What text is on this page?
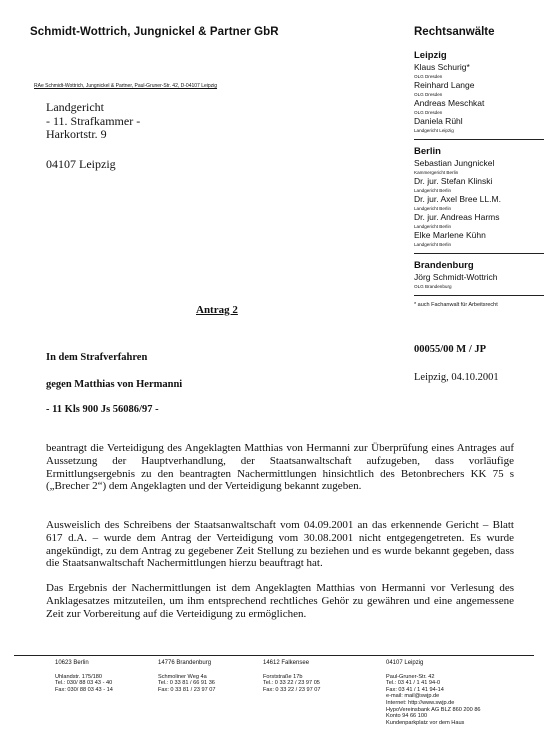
Schmidt-Wottrich, Jungnickel & Partner GbR	Rechtsanwälte
RAe Schmidt-Wottrich, Jungnickel & Partner, Paul-Gruner-Str. 42, D-04107 Leipzig
Landgericht
- 11. Strafkammer -
Harkortstr. 9
04107 Leipzig
Leipzig
Klaus Schurig*
OLG Dresden
Reinhard Lange
OLG Dresden
Andreas Meschkat
OLG Dresden
Daniela Rühl
Landgericht Leipzig
Berlin
Sebastian Jungnickel
Kammergericht Berlin
Dr. jur. Stefan Klinski
Landgericht Berlin
Dr. jur. Axel Bree LL.M.
Landgericht Berlin
Dr. jur. Andreas Harms
Landgericht Berlin
Elke Marlene Kühn
Landgericht Berlin
Brandenburg
Jörg Schmidt-Wottrich
OLG Brandenburg
* auch Fachanwalt für Arbeitsrecht
Antrag 2
00055/00 M / JP
Leipzig, 04.10.2001
In dem Strafverfahren
gegen Matthias von Hermanni
- 11 Kls 900 Js 56086/97 -
beantragt die Verteidigung des Angeklagten Matthias von Hermanni zur Überprüfung eines Antrages auf Aussetzung der Hauptverhandlung, der Staatsanwaltschaft aufzugeben, dass vorläufige Ermittlungsergebnis zu den beantragten Nachermittlungen hinsichtlich des Betonbrechers KK 75 s („Brecher 2“) dem Angeklagten und der Verteidigung bekannt zugeben.
Ausweislich des Schreibens der Staatsanwaltschaft vom 04.09.2001 an das erkennende Gericht – Blatt 617 d.A. – wurde dem Antrag der Verteidigung vom 30.08.2001 nicht entgegengetreten. Es wurde angekündigt, zu dem Antrag zu gegebener Zeit Stellung zu beziehen und es wurde bekannt gegeben, dass die Staatsanwaltschaft Nachermittlungen hierzu beauftragt hat.
Das Ergebnis der Nachermittlungen ist dem Angeklagten Matthias von Hermanni vor Verlesung des Anklagesatzes mitzuteilen, um ihm entsprechend rechtliches Gehör zu gewähren und eine angemessene Zeit zur Vorbereitung auf die Verteidigung zu ermöglichen.
10623 Berlin
Uhlandstr. 175/180
Tel.: 030/ 88 03 43 - 40
Fax: 030/ 88 03 43 - 14
14776 Brandenburg
Schmoliner Weg 4a
Tel.: 0 33 81 / 66 91 36
Fax: 0 33 81 / 23 97 07
14612 Falkensee
Forststraße 17b
Tel.: 0 33 22 / 23 97 05
Fax: 0 33 22 / 23 97 07
04107 Leipzig
Paul-Gruner-Str. 42
Tel.: 03 41 / 1 41 94-0
Fax: 03 41 / 1 41 94-14
e-mail: mail@swjp.de
Internet: http://www.swjp.de
HypoVereinsbank AG BLZ 860 200 86
Konto 94 66 100
Kundenparkplatz vor dem Haus
